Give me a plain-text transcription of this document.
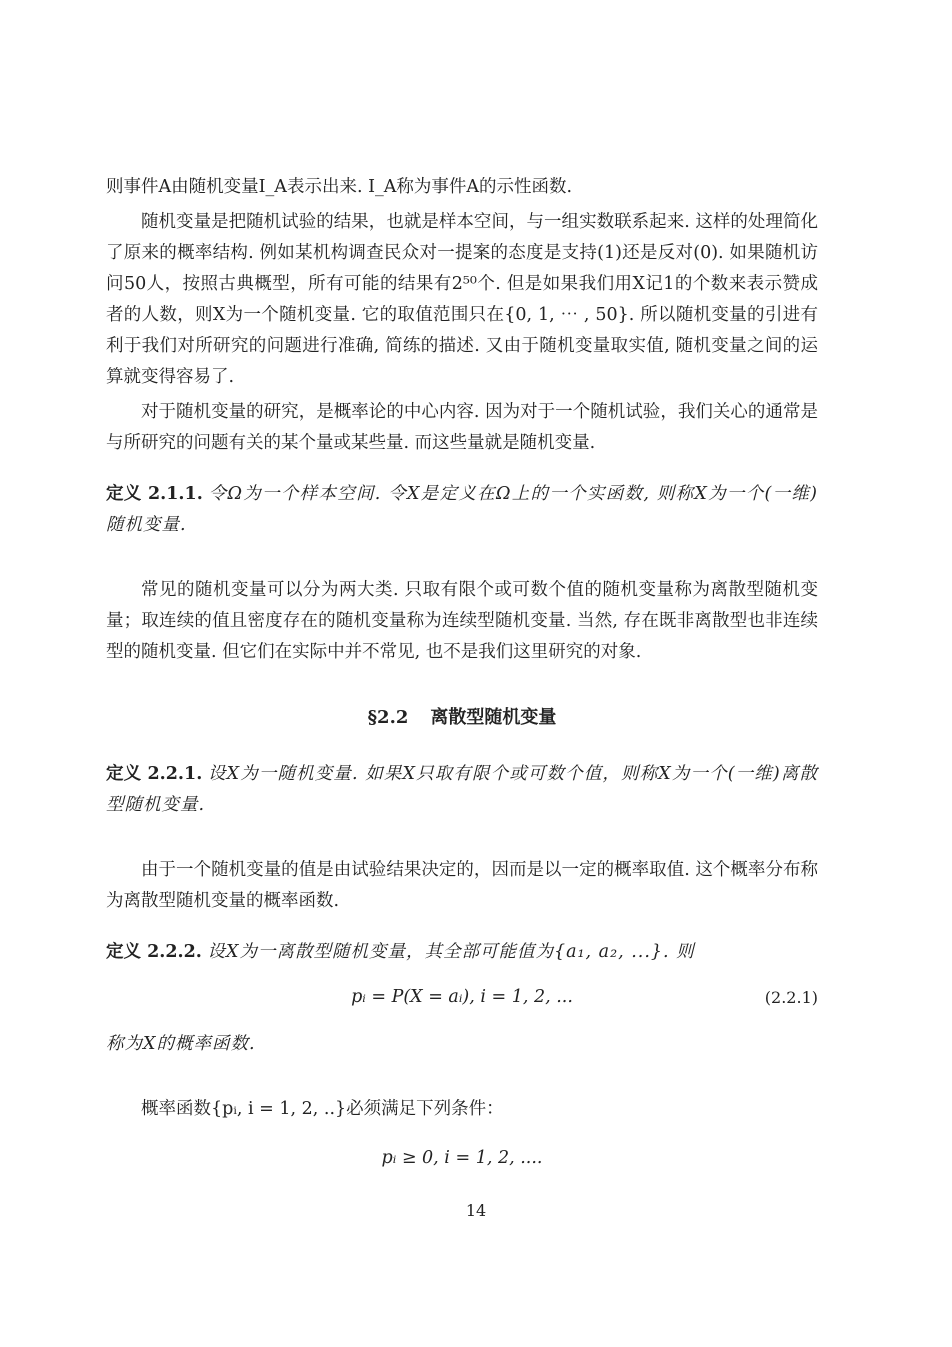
则事件A由随机变量I_A表示出来. I_A称为事件A的示性函数.

随机变量是把随机试验的结果，也就是样本空间，与一组实数联系起来. 这样的处理简化了原来的概率结构. 例如某机构调查民众对一提案的态度是支持(1)还是反对(0). 如果随机访问50人，按照古典概型，所有可能的结果有2⁵⁰个. 但是如果我们用X记1的个数来表示赞成者的人数，则X为一个随机变量. 它的取值范围只在{0, 1, ⋯ , 50}. 所以随机变量的引进有利于我们对所研究的问题进行准确, 简练的描述. 又由于随机变量取实值, 随机变量之间的运算就变得容易了.

对于随机变量的研究，是概率论的中心内容. 因为对于一个随机试验，我们关心的通常是与所研究的问题有关的某个量或某些量. 而这些量就是随机变量.

定义 2.1.1. 令Ω为一个样本空间. 令X是定义在Ω上的一个实函数, 则称X为一个(一维)随机变量.

常见的随机变量可以分为两大类. 只取有限个或可数个值的随机变量称为离散型随机变量；取连续的值且密度存在的随机变量称为连续型随机变量. 当然, 存在既非离散型也非连续型的随机变量. 但它们在实际中并不常见, 也不是我们这里研究的对象.

§2.2 离散型随机变量

定义 2.2.1. 设X为一随机变量. 如果X只取有限个或可数个值，则称X为一个(一维)离散型随机变量.

由于一个随机变量的值是由试验结果决定的，因而是以一定的概率取值. 这个概率分布称为离散型随机变量的概率函数.

定义 2.2.2. 设X为一离散型随机变量，其全部可能值为{a₁, a₂, ...}. 则

pᵢ = P(X = aᵢ), i = 1, 2, ...	(2.2.1)

称为X的概率函数.

概率函数{pᵢ, i = 1, 2, ..}必须满足下列条件：

pᵢ ≥ 0, i = 1, 2, ....

14
